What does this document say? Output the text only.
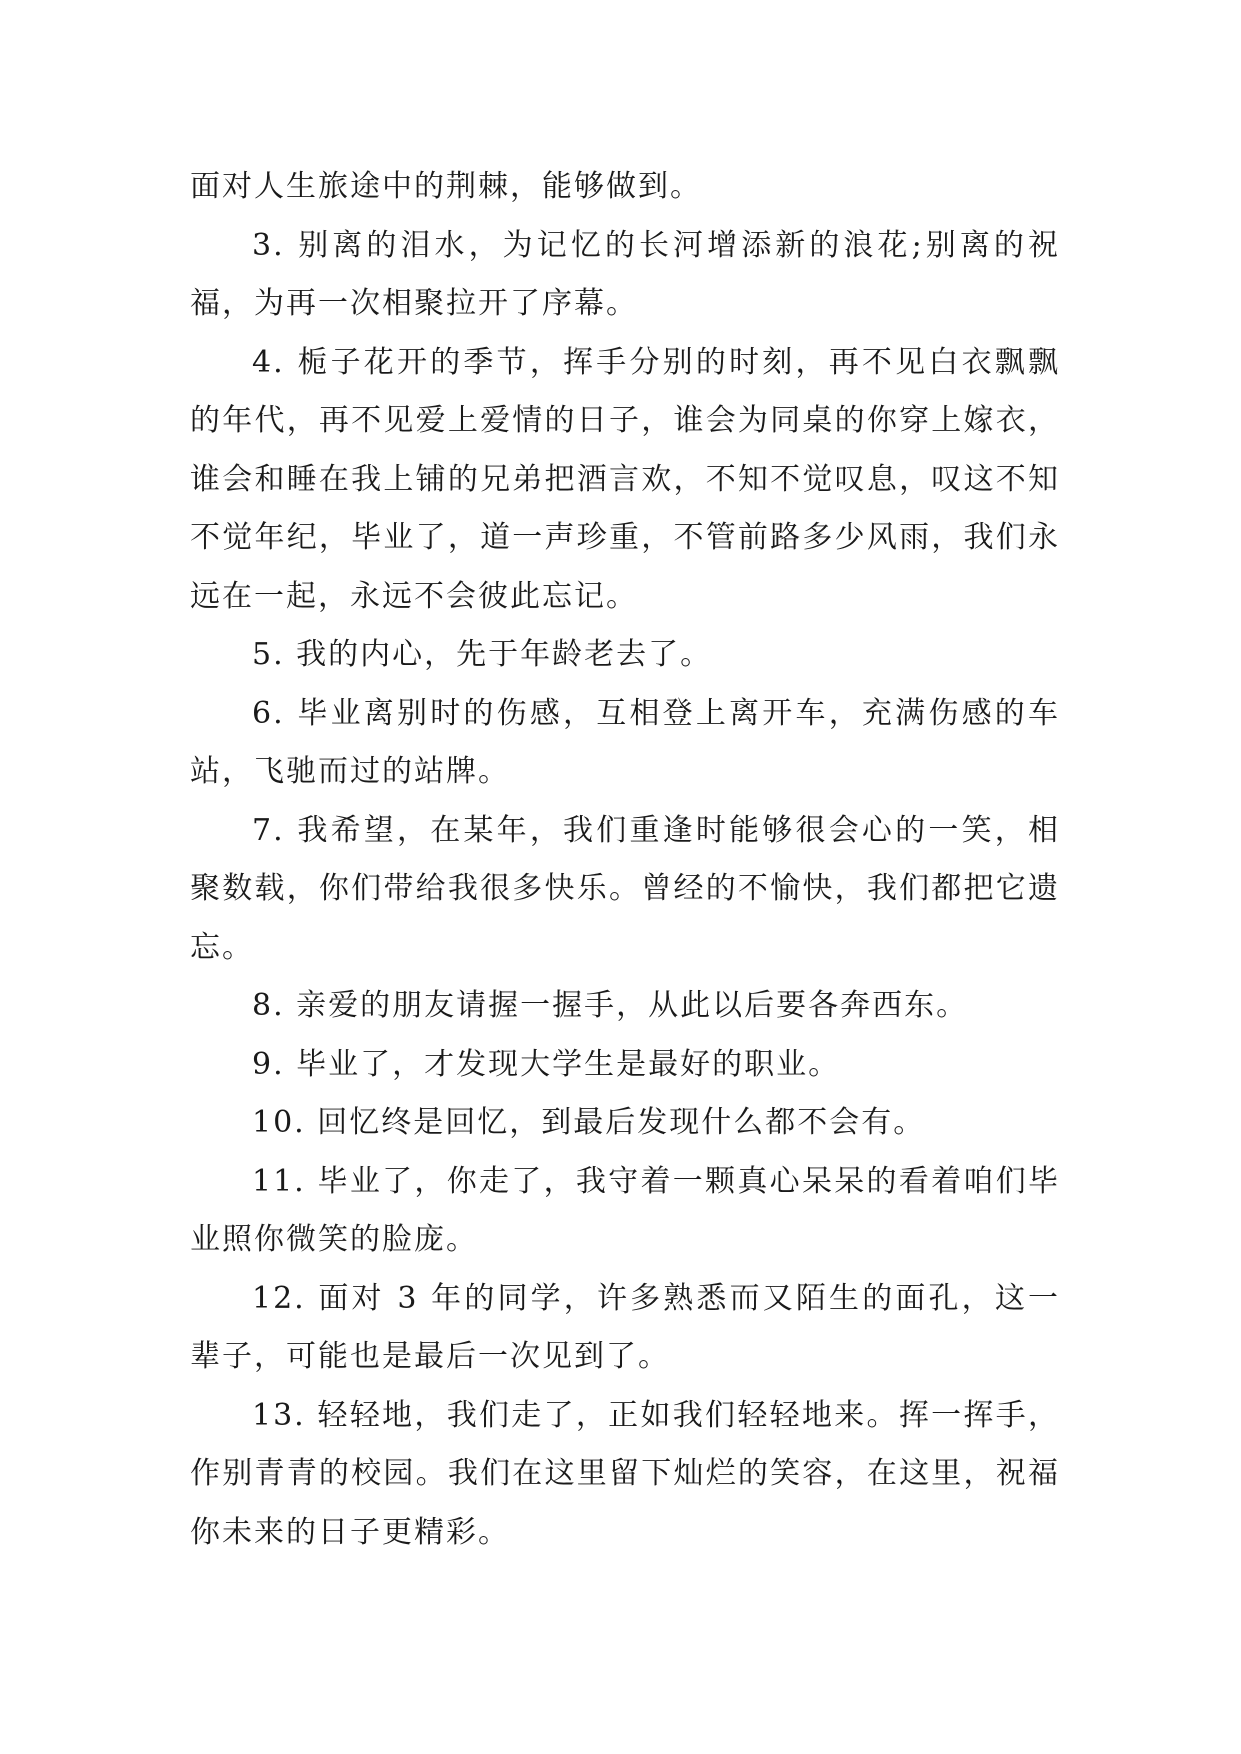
面对人生旅途中的荆棘，能够做到。

3. 别离的泪水，为记忆的长河增添新的浪花;别离的祝福，为再一次相聚拉开了序幕。

4. 栀子花开的季节，挥手分别的时刻，再不见白衣飘飘的年代，再不见爱上爱情的日子，谁会为同桌的你穿上嫁衣，谁会和睡在我上铺的兄弟把酒言欢，不知不觉叹息，叹这不知不觉年纪，毕业了，道一声珍重，不管前路多少风雨，我们永远在一起，永远不会彼此忘记。

5. 我的内心，先于年龄老去了。

6. 毕业离别时的伤感，互相登上离开车，充满伤感的车站，飞驰而过的站牌。

7. 我希望，在某年，我们重逢时能够很会心的一笑，相聚数载，你们带给我很多快乐。曾经的不愉快，我们都把它遗忘。

8. 亲爱的朋友请握一握手，从此以后要各奔西东。

9. 毕业了，才发现大学生是最好的职业。

10. 回忆终是回忆，到最后发现什么都不会有。

11. 毕业了，你走了，我守着一颗真心呆呆的看着咱们毕业照你微笑的脸庞。

12. 面对 3 年的同学，许多熟悉而又陌生的面孔，这一辈子，可能也是最后一次见到了。

13. 轻轻地，我们走了，正如我们轻轻地来。挥一挥手，作别青青的校园。我们在这里留下灿烂的笑容，在这里，祝福你未来的日子更精彩。
